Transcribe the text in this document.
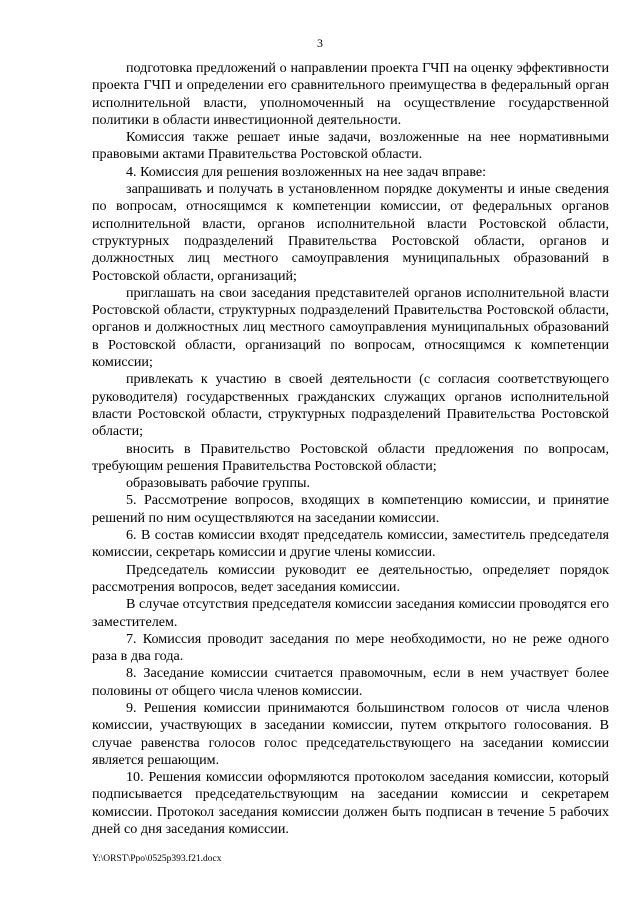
3

подготовка предложений о направлении проекта ГЧП на оценку эффективности проекта ГЧП и определении его сравнительного преимущества в федеральный орган исполнительной власти, уполномоченный на осуществление государственной политики в области инвестиционной деятельности.

Комиссия также решает иные задачи, возложенные на нее нормативными правовыми актами Правительства Ростовской области.

4. Комиссия для решения возложенных на нее задач вправе:

запрашивать и получать в установленном порядке документы и иные сведения по вопросам, относящимся к компетенции комиссии, от федеральных органов исполнительной власти, органов исполнительной власти Ростовской области, структурных подразделений Правительства Ростовской области, органов и должностных лиц местного самоуправления муниципальных образований в Ростовской области, организаций;

приглашать на свои заседания представителей органов исполнительной власти Ростовской области, структурных подразделений Правительства Ростовской области, органов и должностных лиц местного самоуправления муниципальных образований в Ростовской области, организаций по вопросам, относящимся к компетенции комиссии;

привлекать к участию в своей деятельности (с согласия соответствующего руководителя) государственных гражданских служащих органов исполнительной власти Ростовской области, структурных подразделений Правительства Ростовской области;

вносить в Правительство Ростовской области предложения по вопросам, требующим решения Правительства Ростовской области;

образовывать рабочие группы.

5. Рассмотрение вопросов, входящих в компетенцию комиссии, и принятие решений по ним осуществляются на заседании комиссии.

6. В состав комиссии входят председатель комиссии, заместитель председателя комиссии, секретарь комиссии и другие члены комиссии.

Председатель комиссии руководит ее деятельностью, определяет порядок рассмотрения вопросов, ведет заседания комиссии.

В случае отсутствия председателя комиссии заседания комиссии проводятся его заместителем.

7. Комиссия проводит заседания по мере необходимости, но не реже одного раза в два года.

8. Заседание комиссии считается правомочным, если в нем участвует более половины от общего числа членов комиссии.

9. Решения комиссии принимаются большинством голосов от числа членов комиссии, участвующих в заседании комиссии, путем открытого голосования. В случае равенства голосов голос председательствующего на заседании комиссии является решающим.

10. Решения комиссии оформляются протоколом заседания комиссии, который подписывается председательствующим на заседании комиссии и секретарем комиссии. Протокол заседания комиссии должен быть подписан в течение 5 рабочих дней со дня заседания комиссии.

Y:\ORST\Ppo\0525p393.f21.docx
